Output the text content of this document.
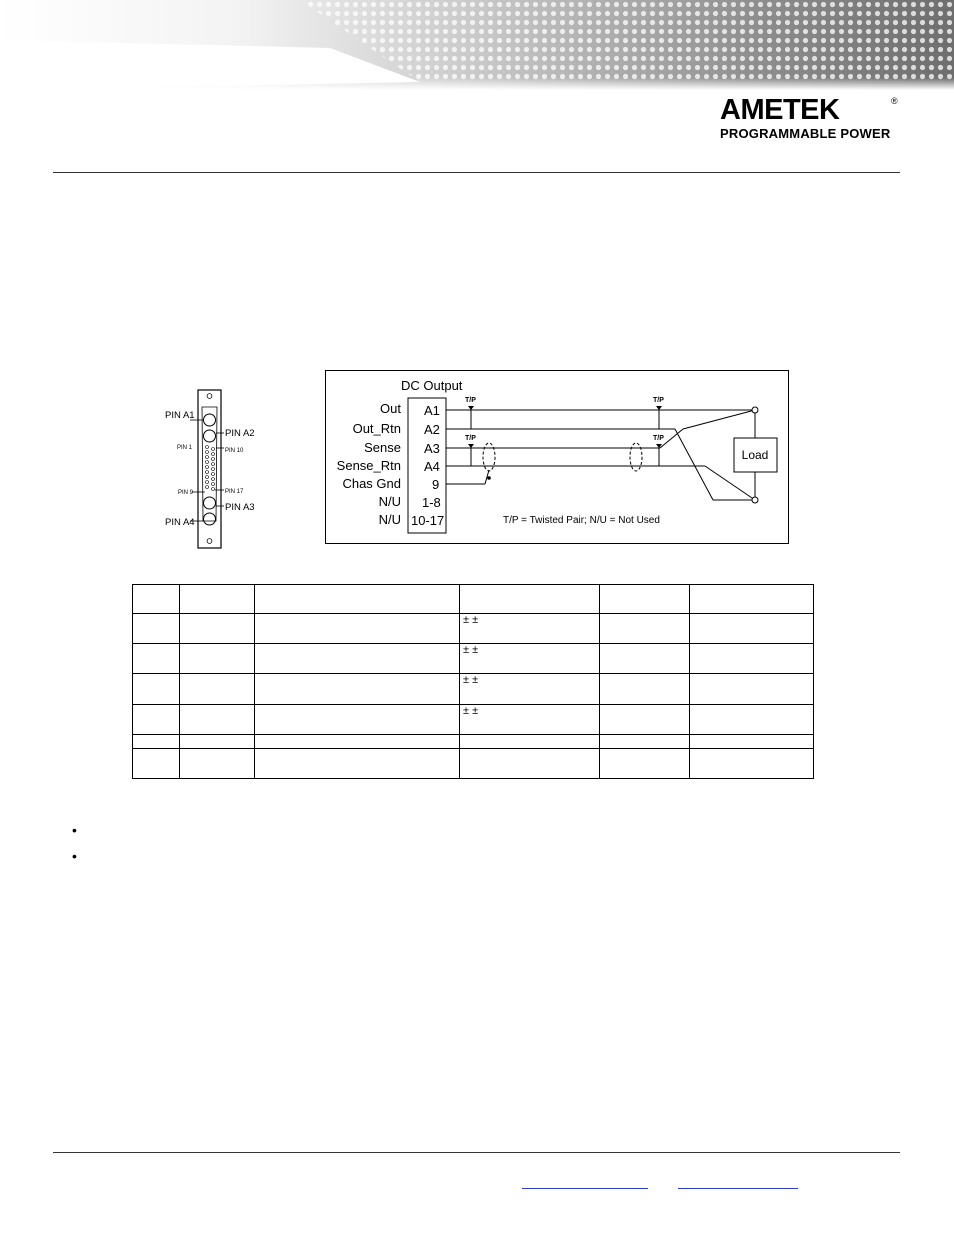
AMETEK	®
PROGRAMMABLE POWER
PIN A1
PIN A2
PIN 1	PIN 10
PIN 9	PIN 17
PIN A3
PIN A4
DC Output
Out
Out_Rtn
Sense
Sense_Rtn
Chas Gnd
N/U
N/U
A1
A2
A3
A4
9
1-8
10-17
T/P	T/P
T/P	T/P
Load
T/P = Twisted Pair; N/U = Not Used

			± ±		
			± ±		
			± ±		
			± ±		

•
•
